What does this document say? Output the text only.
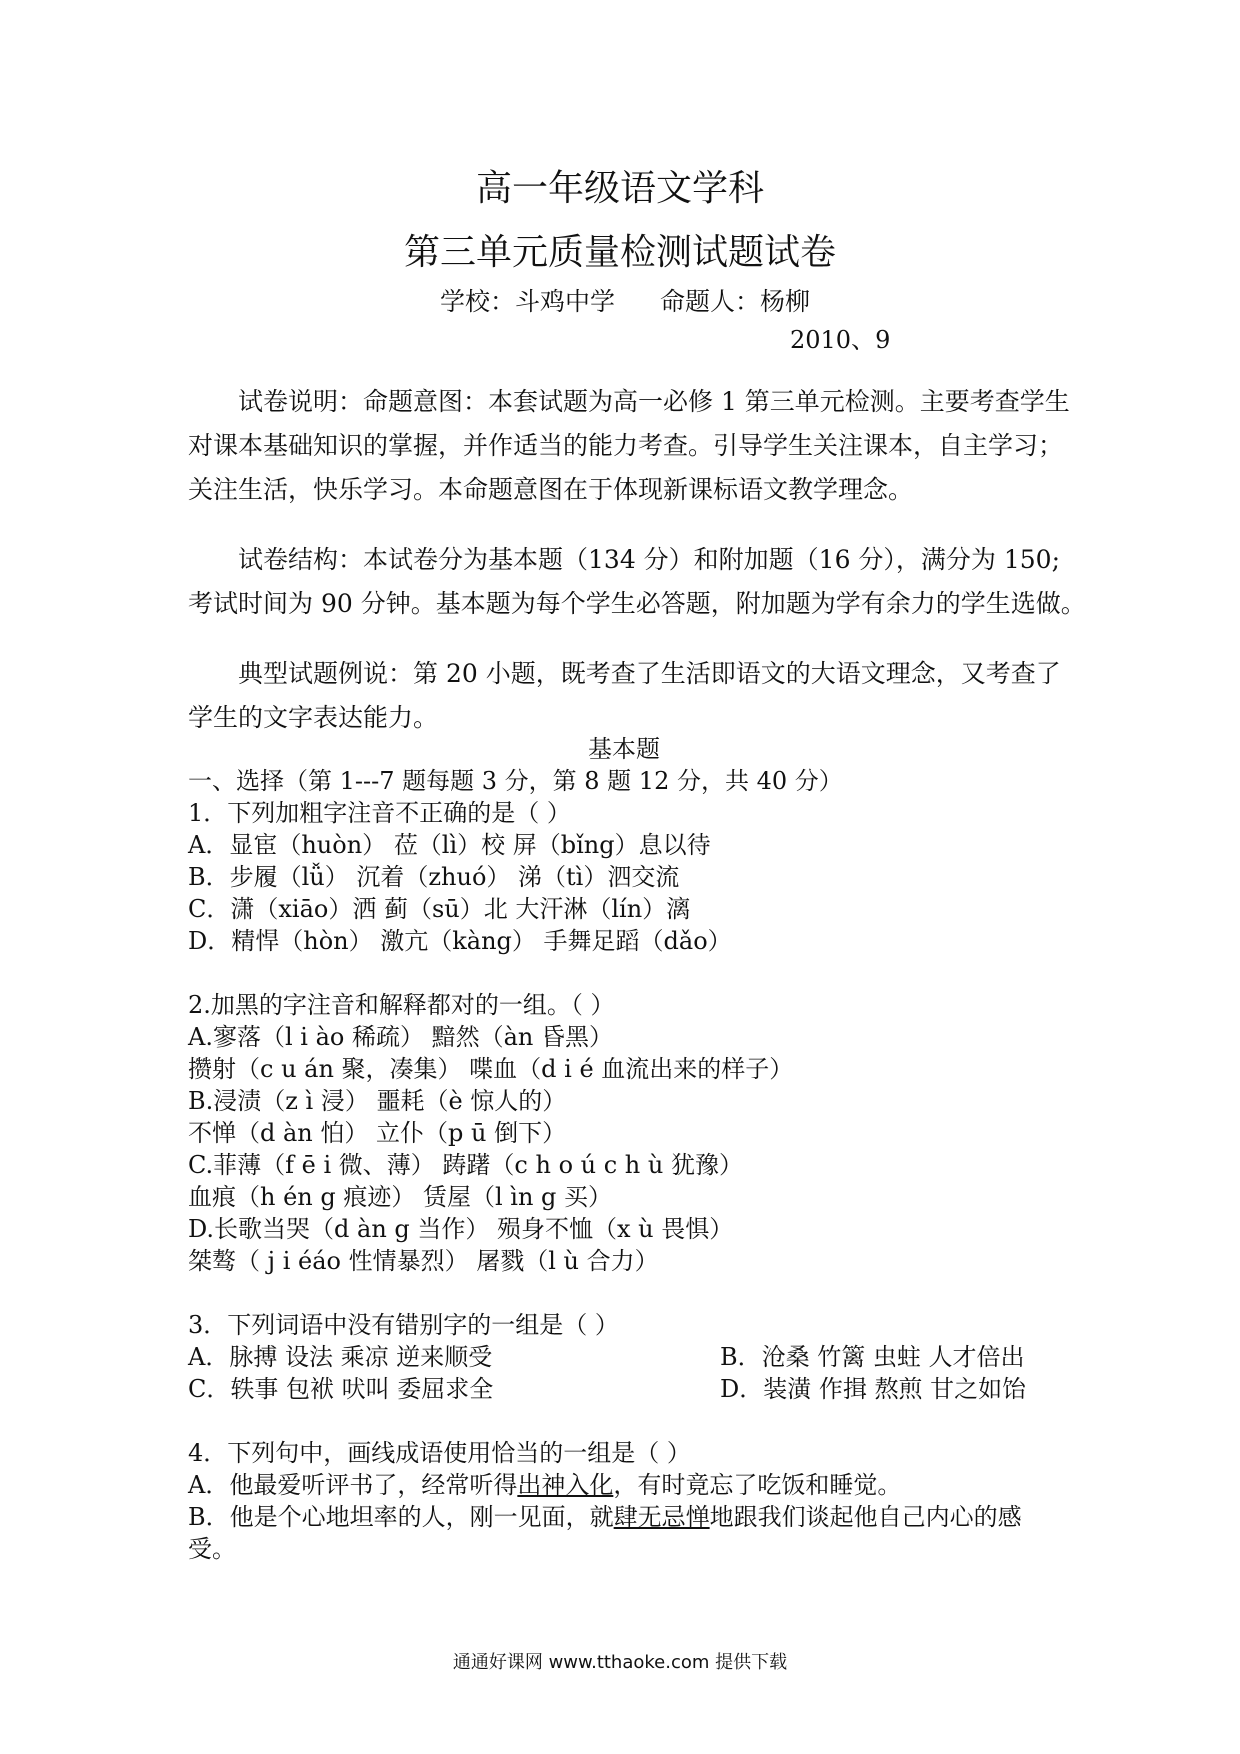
高一年级语文学科
第三单元质量检测试题试卷
学校：斗鸡中学 命题人：杨柳
2010、9
试卷说明：命题意图：本套试题为高一必修 1 第三单元检测。主要考查学生
对课本基础知识的掌握，并作适当的能力考查。引导学生关注课本，自主学习；
关注生活，快乐学习。本命题意图在于体现新课标语文教学理念。
试卷结构：本试卷分为基本题（134 分）和附加题（16 分），满分为 150;
考试时间为 90 分钟。基本题为每个学生必答题，附加题为学有余力的学生选做。
典型试题例说：第 20 小题，既考查了生活即语文的大语文理念，又考查了
学生的文字表达能力。
基本题
一、选择（第 1---7 题每题 3 分，第 8 题 12 分，共 40 分）
1．下列加粗字注音不正确的是（ ）
A．显宦（huòn） 莅（lì）校 屏（bǐng）息以待
B．步履（lǚ） 沉着（zhuó） 涕（tì）泗交流
C．潇（xiāo）洒 蓟（sū）北 大汗淋（lín）漓
D．精悍（hòn） 激亢（kàng） 手舞足蹈（dǎo）
2.加黑的字注音和解释都对的一组。（ ）
A.寥落（l i ào 稀疏） 黯然（àn 昏黑）
攒射（c u án 聚，凑集） 喋血（d i é 血流出来的样子）
B.浸渍（z ì 浸） 噩耗（è 惊人的）
不惮（d àn 怕） 立仆（p ū 倒下）
C.菲薄（f ē i 微、薄） 踌躇（c h o ú c h ù 犹豫）
血痕（h én g 痕迹） 赁屋（l ìn g 买）
D.长歌当哭（d àn g 当作） 殒身不恤（x ù 畏惧）
桀骜（ j i éáo 性情暴烈） 屠戮（l ù 合力）
3．下列词语中没有错别字的一组是（ ）
A．脉搏 设法 乘凉 逆来顺受	B．沧桑 竹篱 虫蛀 人才倍出
C．轶事 包袱 吠叫 委屈求全	D．装潢 作揖 熬煎 甘之如饴
4．下列句中，画线成语使用恰当的一组是（ ）
A．他最爱听评书了，经常听得出神入化，有时竟忘了吃饭和睡觉。
B．他是个心地坦率的人，刚一见面，就肆无忌惮地跟我们谈起他自己内心的感
受。
通通好课网 www.tthaoke.com 提供下载
